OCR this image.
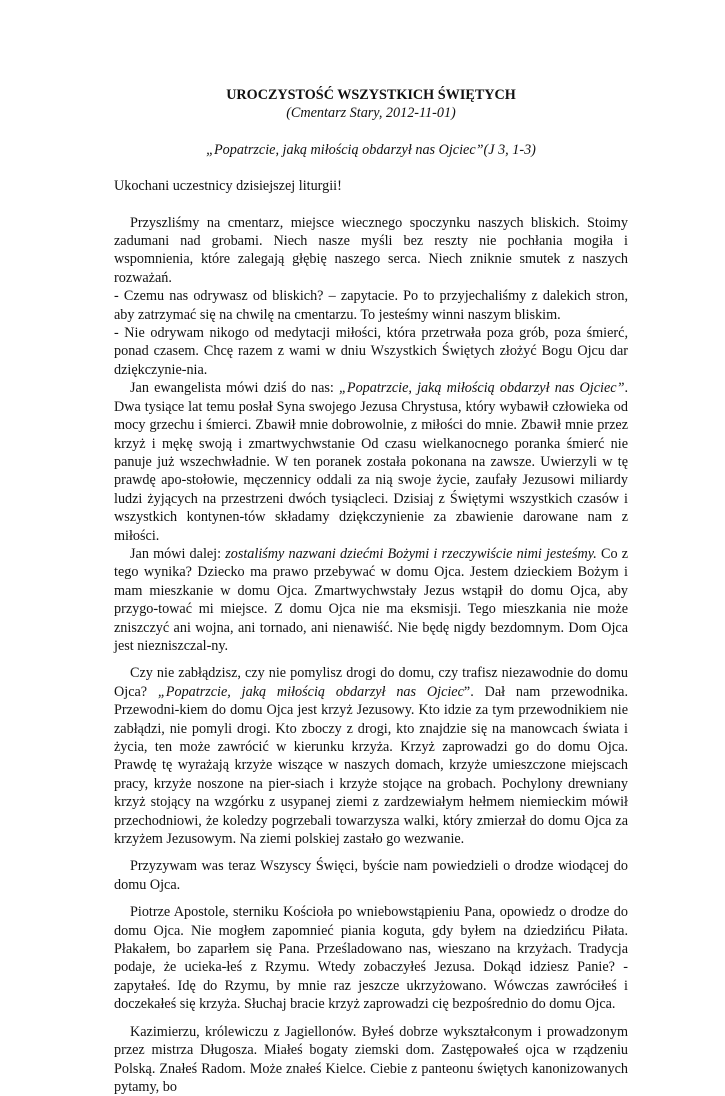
UROCZYSTOŚĆ WSZYSTKICH ŚWIĘTYCH

(Cmentarz Stary, 2012-11-01)

„Popatrzcie, jaką miłością obdarzył nas Ojciec”(J 3, 1-3)

Ukochani uczestnicy dzisiejszej liturgii!

Przyszliśmy na cmentarz, miejsce wiecznego spoczynku naszych bliskich. Stoimy zadumani nad grobami. Niech nasze myśli bez reszty nie pochłania mogiła i wspomnienia, które zalegają głębię naszego serca. Niech zniknie smutek z naszych rozważań.

- Czemu nas odrywasz od bliskich? – zapytacie. Po to przyjechaliśmy z dalekich stron, aby zatrzymać się na chwilę na cmentarzu. To jesteśmy winni naszym bliskim.

- Nie odrywam nikogo od medytacji miłości, która przetrwała poza grób, poza śmierć, ponad czasem. Chcę razem z wami w dniu Wszystkich Świętych złożyć Bogu Ojcu dar dziękczynie-nia.

Jan ewangelista mówi dziś do nas: „Popatrzcie, jaką miłością obdarzył nas Ojciec”. Dwa tysiące lat temu posłał Syna swojego Jezusa Chrystusa, który wybawił człowieka od mocy grzechu i śmierci. Zbawił mnie dobrowolnie, z miłości do mnie. Zbawił mnie przez krzyż i mękę swoją i zmartwychwstanie Od czasu wielkanocnego poranka śmierć nie panuje już wszechwładnie. W ten poranek została pokonana na zawsze. Uwierzyli w tę prawdę apo-stołowie, męczennicy oddali za nią swoje życie, zaufały Jezusowi miliardy ludzi żyjących na przestrzeni dwóch tysiącleci. Dzisiaj z Świętymi wszystkich czasów i wszystkich kontynen-tów składamy dziękczynienie za zbawienie darowane nam z miłości.

Jan mówi dalej: zostaliśmy nazwani dziećmi Bożymi i rzeczywiście nimi jesteśmy. Co z tego wynika? Dziecko ma prawo przebywać w domu Ojca. Jestem dzieckiem Bożym i mam mieszkanie w domu Ojca. Zmartwychwstały Jezus wstąpił do domu Ojca, aby przygo-tować mi miejsce. Z domu Ojca nie ma eksmisji. Tego mieszkania nie może zniszczyć ani wojna, ani tornado, ani nienawiść. Nie będę nigdy bezdomnym. Dom Ojca jest niezniszczal-ny.

Czy nie zabłądzisz, czy nie pomylisz drogi do domu, czy trafisz niezawodnie do domu Ojca? „Popatrzcie, jaką miłością obdarzył nas Ojciec”. Dał nam przewodnika. Przewodni-kiem do domu Ojca jest krzyż Jezusowy. Kto idzie za tym przewodnikiem nie zabłądzi, nie pomyli drogi. Kto zboczy z drogi, kto znajdzie się na manowcach świata i życia, ten może zawrócić w kierunku krzyża. Krzyż zaprowadzi go do domu Ojca. Prawdę tę wyrażają krzyże wiszące w naszych domach, krzyże umieszczone miejscach pracy, krzyże noszone na pier-siach i krzyże stojące na grobach. Pochylony drewniany krzyż stojący na wzgórku z usypanej ziemi z zardzewiałym hełmem niemieckim mówił przechodniowi, że koledzy pogrzebali towarzysza walki, który zmierzał do domu Ojca za krzyżem Jezusowym. Na ziemi polskiej zastało go wezwanie.

Przyzywam was teraz Wszyscy Święci, byście nam powiedzieli o drodze wiodącej do domu Ojca.

Piotrze Apostole, sterniku Kościoła po wniebowstąpieniu Pana, opowiedz o drodze do domu Ojca. Nie mogłem zapomnieć piania koguta, gdy byłem na dziedzińcu Piłata. Płakałem, bo zaparłem się Pana. Prześladowano nas, wieszano na krzyżach. Tradycja podaje, że uciekа-łeś z Rzymu. Wtedy zobaczyłeś Jezusa. Dokąd idziesz Panie? - zapytałeś. Idę do Rzymu, by mnie raz jeszcze ukrzyżowano. Wówczas zawróciłeś i doczekałeś się krzyża. Słuchaj bracie krzyż zaprowadzi cię bezpośrednio do domu Ojca.

Kazimierzu, królewiczu z Jagiellonów. Byłeś dobrze wykształconym i prowadzonym przez mistrza Długosza. Miałeś bogaty ziemski dom. Zastępowałeś ojca w rządzeniu Polską. Znałeś Radom. Może znałeś Kielce. Ciebie z panteonu świętych kanonizowanych pytamy, bo
